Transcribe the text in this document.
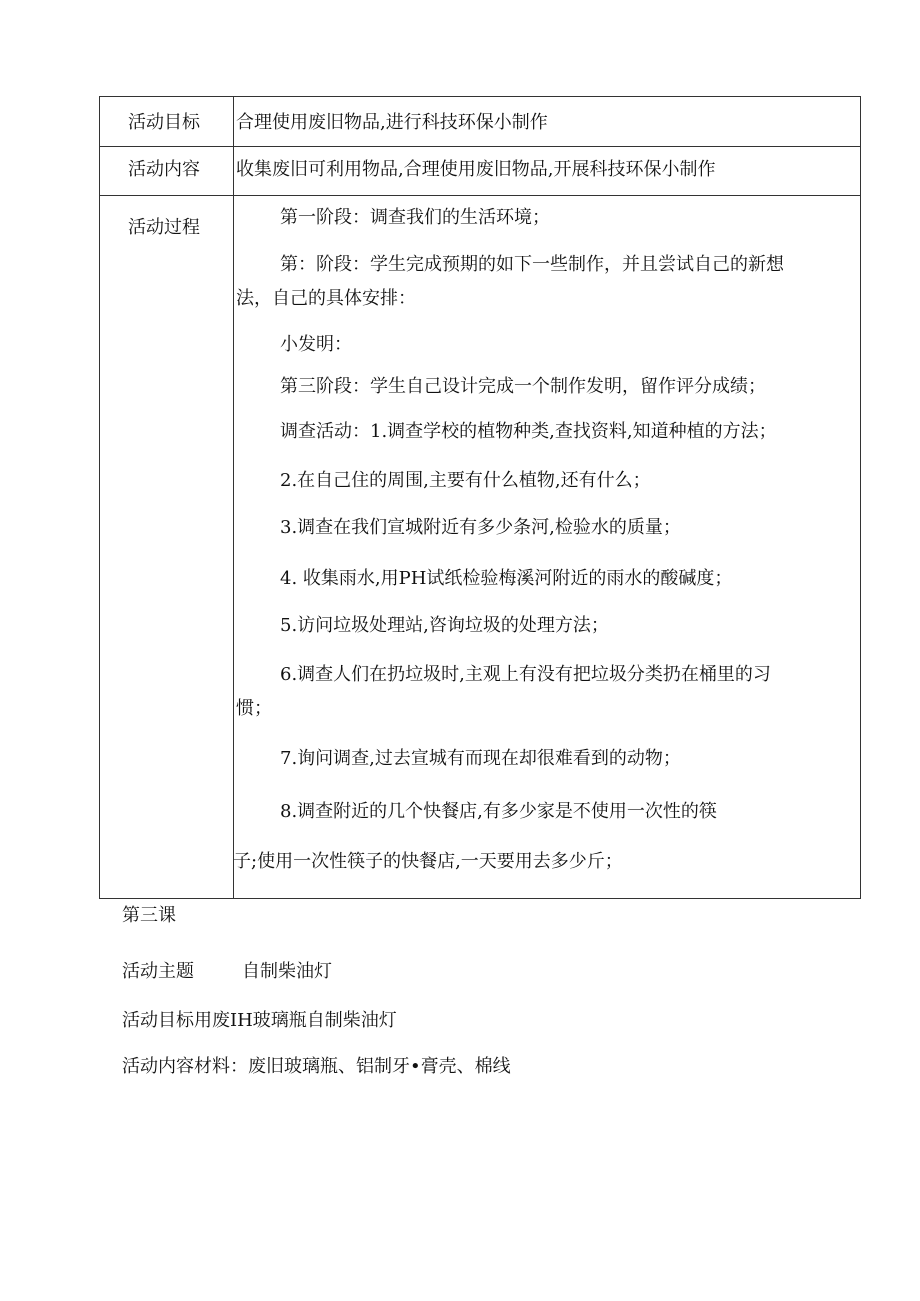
活动目标 合理使用废旧物品,进行科技环保小制作
活动内容 收集废旧可利用物品,合理使用废旧物品,开展科技环保小制作
活动过程	第一阶段：调查我们的生活环境；
第：阶段：学生完成预期的如下一些制作，并且尝试自己的新想
法，自己的具体安排：
小发明：
第三阶段：学生自己设计完成一个制作发明，留作评分成绩；
调查活动：1.调查学校的植物种类,查找资料,知道种植的方法；
2.在自己住的周围,主要有什么植物,还有什么；
3.调查在我们宣城附近有多少条河,检验水的质量；
4. 收集雨水,用PH试纸检验梅溪河附近的雨水的酸碱度；
5.访问垃圾处理站,咨询垃圾的处理方法；
6.调查人们在扔垃圾时,主观上有没有把垃圾分类扔在桶里的习
惯；
7.询问调查,过去宣城有而现在却很难看到的动物；
8.调查附近的几个快餐店,有多少家是不使用一次性的筷
子;使用一次性筷子的快餐店,一天要用去多少斤；
第三课
活动主题	自制柴油灯
活动目标用废IH玻璃瓶自制柴油灯
活动内容材料：废旧玻璃瓶、铝制牙•膏壳、棉线
